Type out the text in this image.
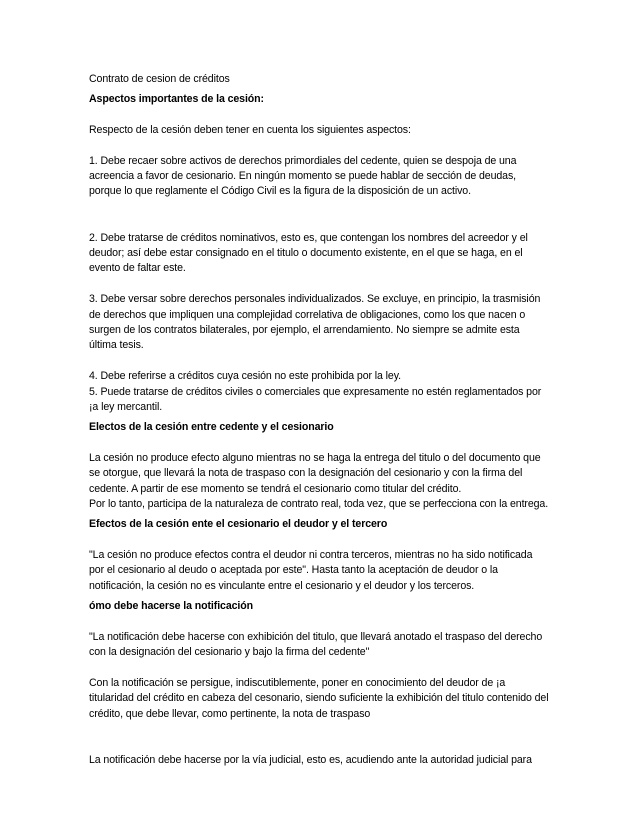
Contrato de cesion de créditos

Aspectos importantes de la cesión:

Respecto de la cesión deben tener en cuenta los siguientes aspectos:

1. Debe recaer sobre activos de derechos primordiales del cedente, quien se despoja de una acreencia a favor de cesionario. En ningún momento se puede hablar de sección de deudas, porque lo que reglamente el Código Civil es la figura de la disposición de un activo.

2. Debe tratarse de créditos nominativos, esto es, que contengan los nombres del acreedor y el deudor; así debe estar consignado en el titulo o documento existente, en el que se haga, en el evento de faltar este.

3. Debe versar sobre derechos personales individualizados. Se excluye, en principio, la trasmisión de derechos que impliquen una complejidad correlativa de obligaciones, como los que nacen o surgen de los contratos bilaterales, por ejemplo, el arrendamiento. No siempre se admite esta última tesis.

4. Debe referirse a créditos cuya cesión no este prohibida por la ley.

5. Puede tratarse de créditos civiles o comerciales que expresamente no estén reglamentados por ¡a ley mercantil.

Electos de la cesión entre cedente y el cesionario

La cesión no produce efecto alguno mientras no se haga la entrega del titulo o del documento que se otorgue, que llevará la nota de traspaso con la designación del cesionario y con la firma del cedente. A partir de ese momento se tendrá el cesionario como titular del crédito.

Por lo tanto, participa de la naturaleza de contrato real, toda vez, que se perfecciona con la entrega.

Efectos de la cesión ente el cesionario el deudor y el tercero

"La cesión no produce efectos contra el deudor ni contra terceros, mientras no ha sido notificada por el cesionario al deudo o aceptada por este". Hasta tanto la aceptación de deudor o la notificación, la cesión no es vinculante entre el cesionario y el deudor y los terceros.

ómo debe hacerse la notificación

"La notificación debe hacerse con exhibición del titulo, que llevará anotado el traspaso del derecho con la designación del cesionario y bajo la firma del cedente"

Con la notificación se persigue, indiscutiblemente, poner en conocimiento del deudor de ¡a titularidad del crédito en cabeza del cesonario, siendo suficiente la exhibición del titulo contenido del crédito, que debe llevar, como pertinente, la nota de traspaso

La notificación debe hacerse por la vía judicial, esto es, acudiendo ante la autoridad judicial para
